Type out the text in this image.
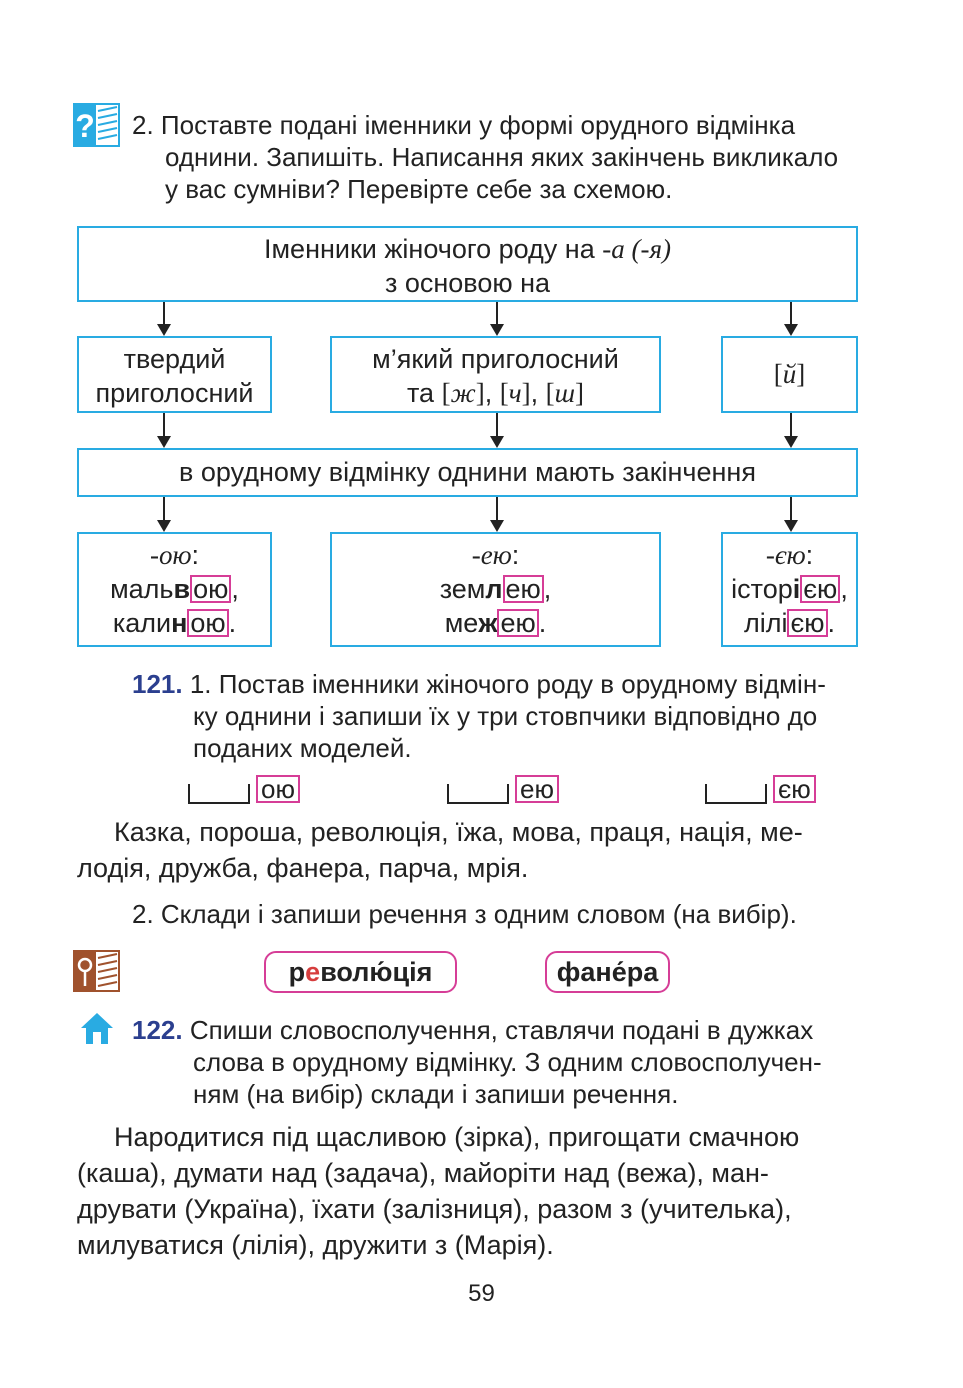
? 2. Поставте подані іменники у формі орудного відмінка
однини. Запишіть. Написання яких закінчень викликало
у вас сумніви? Перевірте себе за схемою.
Іменники жіночого роду на -а (-я)
з основою на
твердий
приголосний
м’який приголосний
та [ж], [ч], [ш]
[й]
в орудному відмінку однини мають закінчення
-ою:
мальв ою ,
калин ою .
-ею:
земл ею ,
меж ею .
-єю:
історі єю ,
лілі єю .
121. 1. Постав іменники жіночого роду в орудному відмін-
ку однини і запиши їх у три стовпчики відповідно до
поданих моделей.
ою	ею	єю
Казка, пороша, революція, їжа, мова, праця, нація, ме-
лодія, дружба, фанера, парча, мрія.
2. Склади і запиши речення з одним словом (на вибір).
революція	фанера
122. Спиши словосполучення, ставлячи подані в дужках
слова в орудному відмінку. З одним словосполучен-
ням (на вибір) склади і запиши речення.
Народитися під щасливою (зірка), пригощати смачною
(каша), думати над (задача), майоріти над (вежа), ман-
друвати (Україна), їхати (залізниця), разом з (учителька),
милуватися (лілія), дружити з (Марія).
59
